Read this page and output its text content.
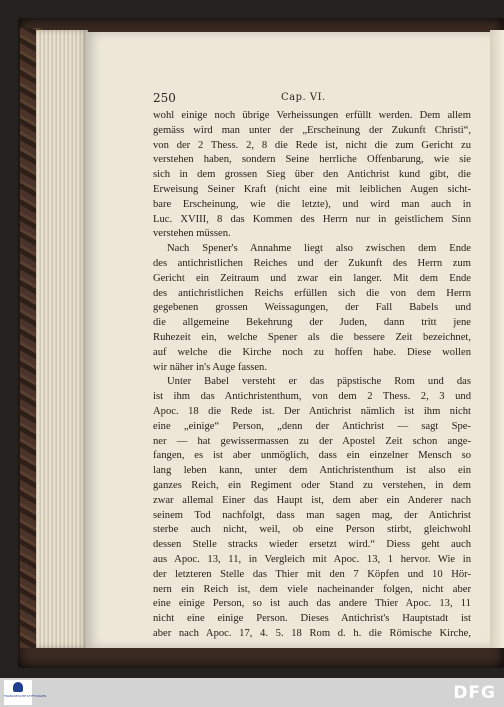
250	Cap. VI.
wohl einige noch übrige Verheissungen erfüllt werden. Dem allem
gemäss wird man unter der „Erscheinung der Zukunft Christi“,
von der 2 Thess. 2, 8 die Rede ist, nicht die zum Gericht zu
verstehen haben, sondern Seine herrliche Offenbarung, wie sie
sich in dem grossen Sieg über den Antichrist kund gibt, die
Erweisung Seiner Kraft (nicht eine mit leiblichen Augen sicht-
bare Erscheinung, wie die letzte), und wird man auch in
Luc. XVIII, 8 das Kommen des Herrn nur in geistlichem Sinn
verstehen müssen.
Nach Spener's Annahme liegt also zwischen dem Ende
des antichristlichen Reiches und der Zukunft des Herrn zum
Gericht ein Zeitraum und zwar ein langer. Mit dem Ende
des antichristlichen Reichs erfüllen sich die von dem Herrn
gegebenen grossen Weissagungen, der Fall Babels und
die allgemeine Bekehrung der Juden, dann tritt jene
Ruhezeit ein, welche Spener als die bessere Zeit bezeichnet,
auf welche die Kirche noch zu hoffen habe. Diese wollen
wir näher in's Auge fassen.
Unter Babel versteht er das päpstische Rom und das
ist ihm das Antichristenthum, von dem 2 Thess. 2, 3 und
Apoc. 18 die Rede ist. Der Antichrist nämlich ist ihm nicht
eine „einige“ Person, „denn der Antichrist — sagt Spe-
ner — hat gewissermassen zu der Apostel Zeit schon ange-
fangen, es ist aber unmöglich, dass ein einzelner Mensch so
lang leben kann, unter dem Antichristenthum ist also ein
ganzes Reich, ein Regiment oder Stand zu verstehen, in dem
zwar allemal Einer das Haupt ist, dem aber ein Anderer nach
seinem Tod nachfolgt, dass man sagen mag, der Antichrist
sterbe auch nicht, weil, ob eine Person stirbt, gleichwohl
dessen Stelle stracks wieder ersetzt wird.“ Diess geht auch
aus Apoc. 13, 11, in Vergleich mit Apoc. 13, 1 hervor. Wie in
der letzteren Stelle das Thier mit den 7 Köpfen und 10 Hör-
nern ein Reich ist, dem viele nacheinander folgen, nicht aber
eine einige Person, so ist auch das andere Thier Apoc. 13, 11
nicht eine einige Person. Dieses Antichrist's Hauptstadt ist
aber nach Apoc. 17, 4. 5. 18 Rom d. h. die Römische Kirche,
FRANCKESCHE STIFTUNGEN	DFG
